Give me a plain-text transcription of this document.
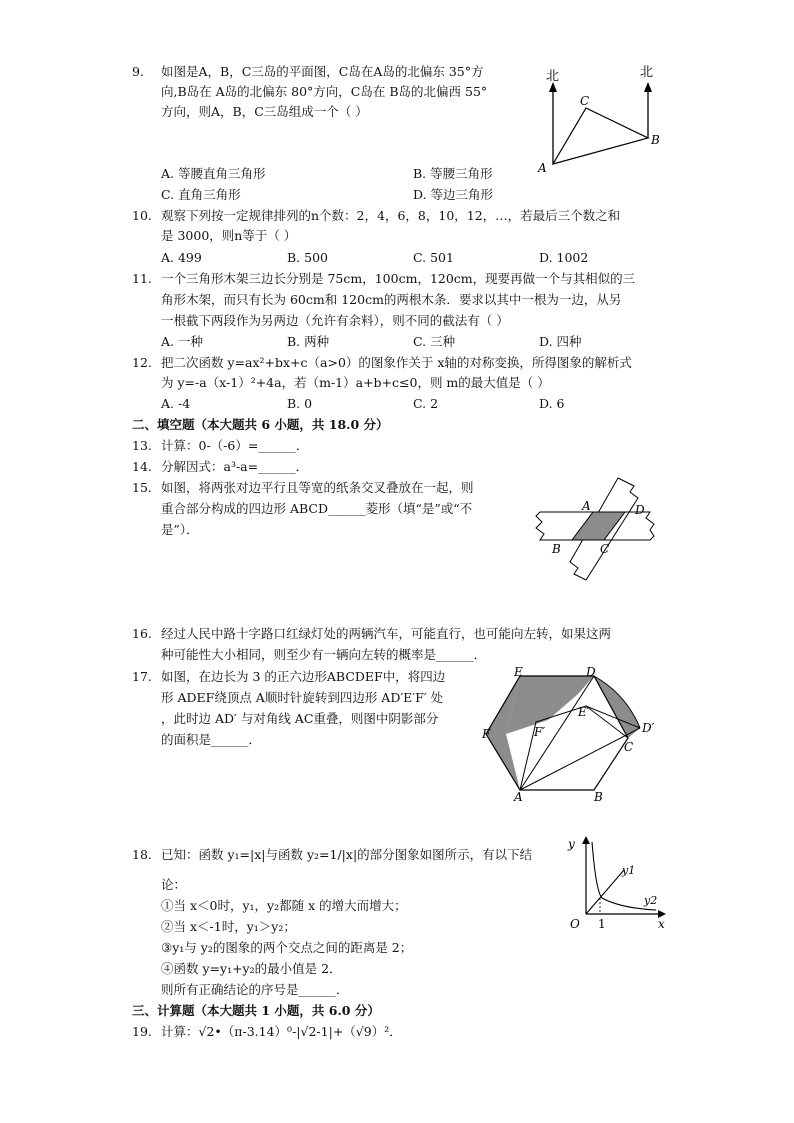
9. 如图是A，B，C三岛的平面图，C岛在A岛的北偏东 35°方
向,B岛在 A岛的北偏东 80°方向，C岛在 B岛的北偏西 55°
方向，则A，B，C三岛组成一个（ ）
A. 等腰直角三角形	B. 等腰三角形
C. 直角三角形	D. 等边三角形
北	北
C
B
A
10. 观察下列按一定规律排列的n个数：2，4，6，8，10，12，…，若最后三个数之和
是 3000，则n等于（ ）
A. 499	B. 500	C. 501	D. 1002
11. 一个三角形木架三边长分别是 75cm，100cm，120cm，现要再做一个与其相似的三
角形木架，而只有长为 60cm和 120cm的两根木条．要求以其中一根为一边，从另
一根截下两段作为另两边（允许有余料），则不同的截法有（ ）
A. 一种	B. 两种	C. 三种	D. 四种
12. 把二次函数 y=ax²+bx+c（a>0）的图象作关于 x轴的对称变换，所得图象的解析式
为 y=-a（x-1）²+4a，若（m-1）a+b+c≤0，则 m的最大值是（ ）
A. -4	B. 0	C. 2	D. 6
二、填空题（本大题共 6 小题，共 18.0 分）
13. 计算：0-（-6）=______．
14. 分解因式：a³-a=______．
15. 如图，将两张对边平行且等宽的纸条交叉叠放在一起，则
重合部分构成的四边形 ABCD______菱形（填“是”或“不
是”）．
A	D
B	C
16. 经过人民中路十字路口红绿灯处的两辆汽车，可能直行，也可能向左转，如果这两
种可能性大小相同，则至少有一辆向左转的概率是______．
17. 如图，在边长为 3 的正六边形ABCDEF中，将四边
形 ADEF绕顶点 A顺时针旋转到四边形 AD′E′F′ 处
，此时边 AD′ 与对角线 AC重叠，则图中阴影部分
的面积是______．
A	B
C
D
E
F	D′
E′
F′
18. 已知：函数 y₁=|x|与函数 y₂=1/|x|的部分图象如图所示，有以下结
论：
①当 x＜0时，y₁，y₂都随 x 的增大而增大；
②当 x＜-1时，y₁＞y₂；
③y₁与 y₂的图象的两个交点之间的距离是 2；
④函数 y=y₁+y₂的最小值是 2．
则所有正确结论的序号是______．
y
x
O 1
y1
y2
三、计算题（本大题共 1 小题，共 6.0 分）
19. 计算：√2•（π-3.14）⁰-|√2-1|+（√9）²．
